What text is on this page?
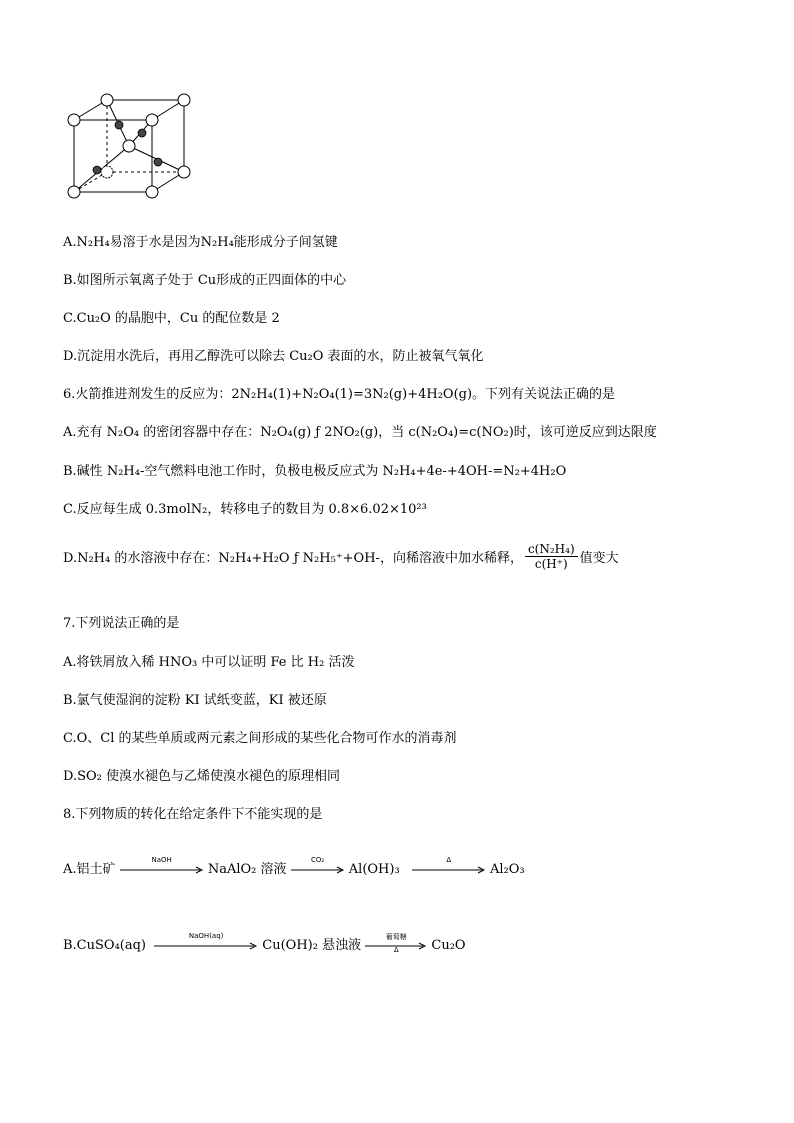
A.N₂H₄易溶于水是因为N₂H₄能形成分子间氢键
B.如图所示氧离子处于 Cu形成的正四面体的中心
C.Cu₂O 的晶胞中，Cu 的配位数是 2
D.沉淀用水洗后，再用乙醇洗可以除去 Cu₂O 表面的水，防止被氧气氧化
6.火箭推进剂发生的反应为：2N₂H₄(1)+N₂O₄(1)=3N₂(g)+4H₂O(g)。下列有关说法正确的是
A.充有 N₂O₄ 的密闭容器中存在：N₂O₄(g) ƒ 2NO₂(g)，当 c(N₂O₄)=c(NO₂)时，该可逆反应到达限度
B.碱性 N₂H₄-空气燃料电池工作时，负极电极反应式为 N₂H₄+4e-+4OH-=N₂+4H₂O
C.反应每生成 0.3molN₂，转移电子的数目为 0.8×6.02×10²³
D.N₂H₄ 的水溶液中存在：N₂H₄+H₂O ƒ N₂H₅⁺+OH-，向稀溶液中加水稀释， $\frac{\text{c(N₂H₄)}}{c(H^+)}$ 值变大
7.下列说法正确的是
A.将铁屑放入稀 HNO₃ 中可以证明 Fe 比 H₂ 活泼
B.氯气使湿润的淀粉 KI 试纸变蓝，KI 被还原
C.O、Cl 的某些单质或两元素之间形成的某些化合物可作水的消毒剂
D.SO₂ 使溴水褪色与乙烯使溴水褪色的原理相同
8.下列物质的转化在给定条件下不能实现的是
A.铝土矿
NaOH
NaAlO₂ 溶液
CO₂
Al(OH)₃
Δ
Al₂O₃
B.CuSO₄(aq)
NaOH(aq)
Cu(OH)₂ 悬浊液
葡萄糖
Δ	Cu₂O
